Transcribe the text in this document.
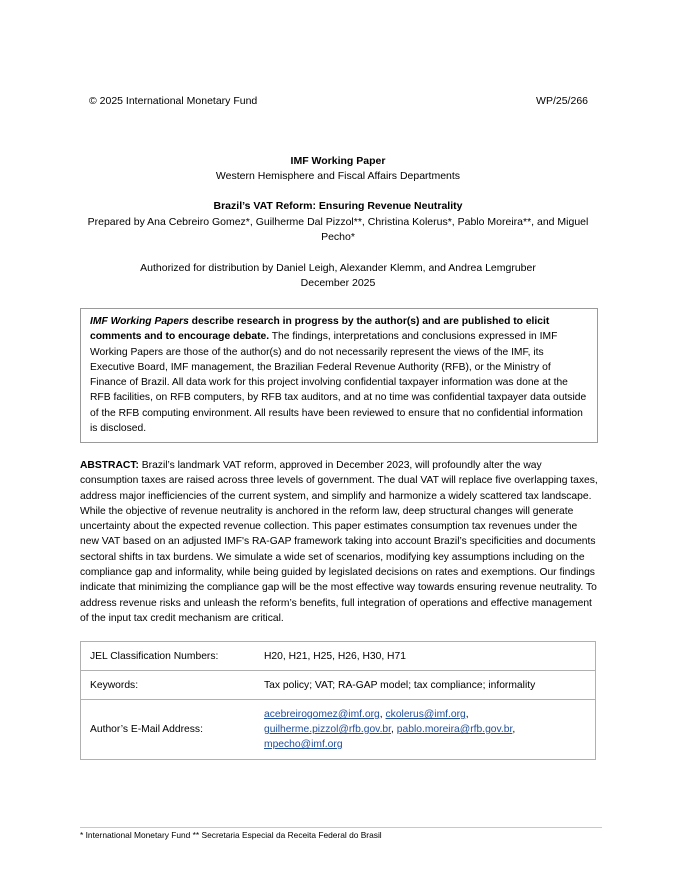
© 2025 International Monetary Fund	WP/25/266
IMF Working Paper
Western Hemisphere and Fiscal Affairs Departments
Brazil’s VAT Reform: Ensuring Revenue Neutrality
Prepared by Ana Cebreiro Gomez*, Guilherme Dal Pizzol**, Christina Kolerus*, Pablo Moreira**, and Miguel
Pecho*
Authorized for distribution by Daniel Leigh, Alexander Klemm, and Andrea Lemgruber
December 2025
IMF Working Papers describe research in progress by the author(s) and are published to elicit comments and to encourage debate. The findings, interpretations and conclusions expressed in IMF Working Papers are those of the author(s) and do not necessarily represent the views of the IMF, its Executive Board, IMF management, the Brazilian Federal Revenue Authority (RFB), or the Ministry of Finance of Brazil. All data work for this project involving confidential taxpayer information was done at the RFB facilities, on RFB computers, by RFB tax auditors, and at no time was confidential taxpayer data outside of the RFB computing environment. All results have been reviewed to ensure that no confidential information is disclosed.
ABSTRACT: Brazil’s landmark VAT reform, approved in December 2023, will profoundly alter the way consumption taxes are raised across three levels of government. The dual VAT will replace five overlapping taxes, address major inefficiencies of the current system, and simplify and harmonize a widely scattered tax landscape. While the objective of revenue neutrality is anchored in the reform law, deep structural changes will generate uncertainty about the expected revenue collection. This paper estimates consumption tax revenues under the new VAT based on an adjusted IMF's RA-GAP framework taking into account Brazil’s specificities and documents sectoral shifts in tax burdens. We simulate a wide set of scenarios, modifying key assumptions including on the compliance gap and informality, while being guided by legislated decisions on rates and exemptions. Our findings indicate that minimizing the compliance gap will be the most effective way towards ensuring revenue neutrality. To address revenue risks and unleash the reform’s benefits, full integration of operations and effective management of the input tax credit mechanism are critical.
JEL Classification Numbers:	H20, H21, H25, H26, H30, H71
Keywords:	Tax policy; VAT; RA-GAP model; tax compliance; informality
Author’s E-Mail Address:	acebreirogomez@imf.org, ckolerus@imf.org,
guilherme.pizzol@rfb.gov.br, pablo.moreira@rfb.gov.br,
mpecho@imf.org
* International Monetary Fund ** Secretaria Especial da Receita Federal do Brasil
